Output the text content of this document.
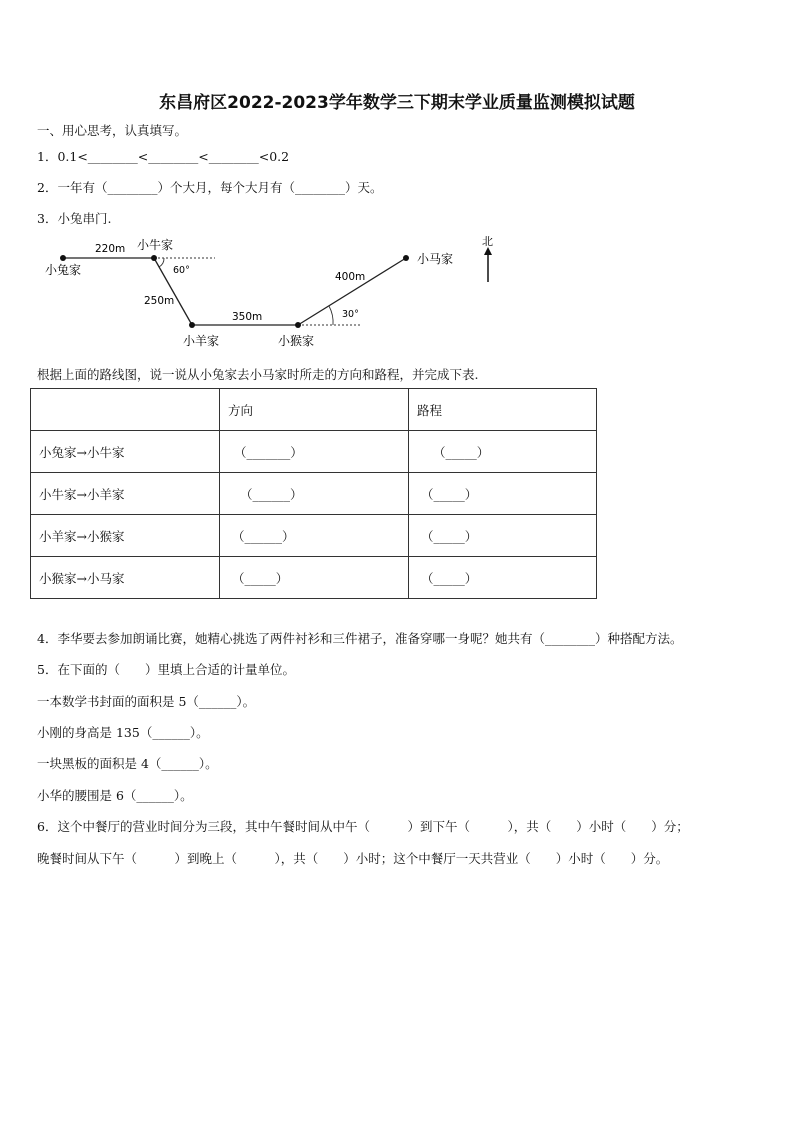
东昌府区2022-2023学年数学三下期末学业质量监测模拟试题
一、用心思考，认真填写。
1．0.1<________<________<________<0.2
2．一年有（________）个大月，每个大月有（________）天。
3．小兔串门.
小兔家
小牛家
小羊家	小猴家
小马家
220m
250m
350m
400m
60°
30°
北
根据上面的路线图，说一说从小兔家去小马家时所走的方向和路程，并完成下表.
	方向	路程
小兔家→小牛家	（_______）	（_____）
小牛家→小羊家	（______）	（_____）
小羊家→小猴家	（______）	（_____）
小猴家→小马家	（_____）	（_____）
4．李华要去参加朗诵比赛，她精心挑选了两件衬衫和三件裙子，准备穿哪一身呢？她共有（________）种搭配方法。
5．在下面的（　　）里填上合适的计量单位。
一本数学书封面的面积是 5（______）。
小刚的身高是 135（______）。
一块黑板的面积是 4（______）。
小华的腰围是 6（______）。
6．这个中餐厅的营业时间分为三段，其中午餐时间从中午（　　　）到下午（　　　），共（　　）小时（　　）分；
晚餐时间从下午（　　　）到晚上（　　　），共（　　）小时；这个中餐厅一天共营业（　　）小时（　　）分。
